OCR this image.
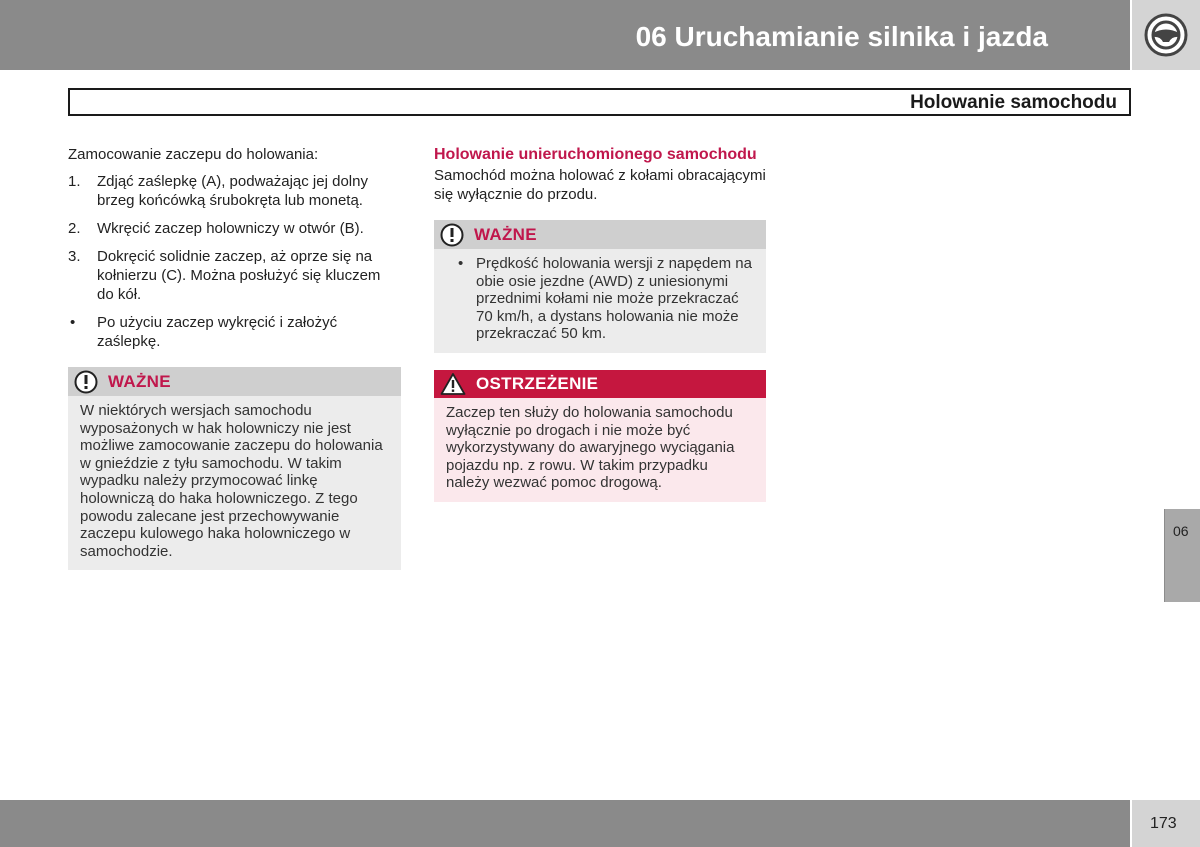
06 Uruchamianie silnika i jazda
Holowanie samochodu

Zamocowanie zaczepu do holowania:

1. Zdjąć zaślepkę (A), podważając jej dolny brzeg końcówką śrubokręta lub monetą.
2. Wkręcić zaczep holowniczy w otwór (B).
3. Dokręcić solidnie zaczep, aż oprze się na kołnierzu (C). Można posłużyć się kluczem do kół.
• Po użyciu zaczep wykręcić i założyć zaślepkę.
WAŻNE

W niektórych wersjach samochodu wyposażonych w hak holowniczy nie jest możliwe zamocowanie zaczepu do holowania w gnieździe z tyłu samochodu. W takim wypadku należy przymocować linkę holowniczą do haka holowniczego. Z tego powodu zalecane jest przechowywanie zaczepu kulowego haka holowniczego w samochodzie.

Holowanie unieruchomionego samochodu

Samochód można holować z kołami obracającymi się wyłącznie do przodu.

WAŻNE
• Prędkość holowania wersji z napędem na obie osie jezdne (AWD) z uniesionymi przednimi kołami nie może przekraczać 70 km/h, a dystans holowania nie może przekraczać 50 km.
OSTRZEŻENIE

Zaczep ten służy do holowania samochodu wyłącznie po drogach i nie może być wykorzystywany do awaryjnego wyciągania pojazdu np. z rowu. W takim przypadku należy wezwać pomoc drogową.

06
173
